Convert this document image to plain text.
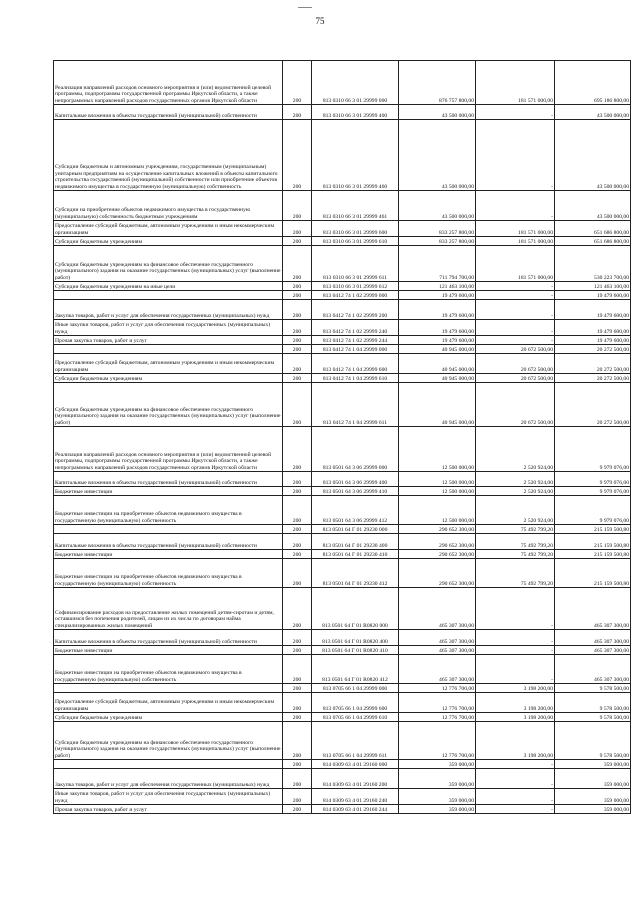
75
Реализация направлений расходов основного мероприятия и (или) ведомственной целевой программы, подпрограммы государственной программы Иркутской области, а также непрограммных направлений расходов государственных органов Иркутской области	200	813 0310 66 3 01 29999 000	876 757 800,00	181 571 000,00	695 186 800,00
Капитальные вложения в объекты государственной (муниципальной) собственности	200	813 0310 66 3 01 29999 400	43 500 000,00	-	43 500 000,00
Субсидии бюджетным и автономным учреждениям, государственным (муниципальным) унитарным предприятиям на осуществление капитальных вложений в объекты капитального строительства государственной (муниципальной) собственности или приобретение объектов недвижимого имущества в государственную (муниципальную) собственность	200	813 0310 66 3 01 29999 460	43 500 000,00	-	43 500 000,00
Субсидии на приобретение объектов недвижимого имущества в государственную (муниципальную) собственность бюджетным учреждениям	200	813 0310 66 3 01 29999 461	43 500 000,00	-	43 500 000,00
Предоставление субсидий бюджетным, автономным учреждениям и иным некоммерческим организациям	200	813 0310 66 3 01 29999 600	833 257 800,00	181 571 000,00	651 686 800,00
Субсидии бюджетным учреждениям	200	813 0310 66 3 01 29999 610	833 257 800,00	181 571 000,00	651 686 800,00
Субсидии бюджетным учреждениям на финансовое обеспечение государственного (муниципального) задания на оказание государственных (муниципальных) услуг (выполнение работ)	200	813 0310 66 3 01 29999 611	711 794 700,00	181 571 000,00	530 223 700,00
Субсидии бюджетным учреждениям на иные цели	200	813 0310 66 3 01 29999 612	121 463 100,00	-	121 463 100,00
	200	813 0412 74 1 02 29999 000	19 479 600,00	-	19 479 600,00
Закупка товаров, работ и услуг для обеспечения государственных (муниципальных) нужд	200	813 0412 74 1 02 29999 200	19 479 600,00	-	19 479 600,00
Иные закупки товаров, работ и услуг для обеспечения государственных (муниципальных) нужд	200	813 0412 74 1 02 29999 240	19 479 600,00	-	19 479 600,00
Прочая закупка товаров, работ и услуг	200	813 0412 74 1 02 29999 244	19 479 600,00	-	19 479 600,00
	200	813 0412 74 1 04 29999 000	40 945 000,00	20 672 500,00	20 272 500,00
Предоставление субсидий бюджетным, автономным учреждениям и иным некоммерческим организациям	200	813 0412 74 1 04 29999 600	40 945 000,00	20 672 500,00	20 272 500,00
Субсидии бюджетным учреждениям	200	813 0412 74 1 04 29999 610	40 945 000,00	20 672 500,00	20 272 500,00
Субсидии бюджетным учреждениям на финансовое обеспечение государственного (муниципального) задания на оказание государственных (муниципальных) услуг (выполнение работ)	200	813 0412 74 1 04 29999 611	40 945 000,00	20 672 500,00	20 272 500,00
Реализация направлений расходов основного мероприятия и (или) ведомственной целевой программы, подпрограммы государственной программы Иркутской области, а также непрограммных направлений расходов государственных органов Иркутской области	200	813 0501 64 3 06 29999 000	12 500 000,00	2 520 924,00	9 979 076,00
Капитальные вложения в объекты государственной (муниципальной) собственности	200	813 0501 64 3 06 29999 400	12 500 000,00	2 520 924,00	9 979 076,00
Бюджетные инвестиции	200	813 0501 64 3 06 29999 410	12 500 000,00	2 520 924,00	9 979 076,00
Бюджетные инвестиции на приобретение объектов недвижимого имущества в государственную (муниципальную) собственность	200	813 0501 64 3 06 29999 412	12 500 000,00	2 520 924,00	9 979 076,00
	200	813 0501 64 Г 01 29230 000	290 652 300,00	75 492 799,20	215 159 500,80
Капитальные вложения в объекты государственной (муниципальной) собственности	200	813 0501 64 Г 01 29230 400	290 652 300,00	75 492 799,20	215 159 500,80
Бюджетные инвестиции	200	813 0501 64 Г 01 29230 410	290 652 300,00	75 492 799,20	215 159 500,80
Бюджетные инвестиции на приобретение объектов недвижимого имущества в государственную (муниципальную) собственность	200	813 0501 64 Г 01 29230 412	290 652 300,00	75 492 799,20	215 159 500,80
Софинансирование расходов на предоставление жилых помещений детям-сиротам и детям, оставшимся без попечения родителей, лицам из их числа по договорам найма специализированных жилых помещений	200	813 0501 64 Г 01 R0820 000	465 307 300,00	-	465 307 300,00
Капитальные вложения в объекты государственной (муниципальной) собственности	200	813 0501 64 Г 01 R0820 400	465 307 300,00	-	465 307 300,00
Бюджетные инвестиции	200	813 0501 64 Г 01 R0820 410	465 307 300,00	-	465 307 300,00
Бюджетные инвестиции на приобретение объектов недвижимого имущества в государственную (муниципальную) собственность	200	813 0501 64 Г 01 R0820 412	465 307 300,00	-	465 307 300,00
	200	813 0705 66 1 04 29999 000	12 776 700,00	3 198 200,00	9 578 500,00
Предоставление субсидий бюджетным, автономным учреждениям и иным некоммерческим организациям	200	813 0705 66 1 04 29999 600	12 776 700,00	3 198 200,00	9 578 500,00
Субсидии бюджетным учреждениям	200	813 0705 66 1 04 29999 610	12 776 700,00	3 198 200,00	9 578 500,00
Субсидии бюджетным учреждениям на финансовое обеспечение государственного (муниципального) задания на оказание государственных (муниципальных) услуг (выполнение работ)	200	813 0705 66 1 04 29999 611	12 776 700,00	3 198 200,00	9 578 500,00
	200	814 0309 63 4 01 29160 000	359 000,00	-	359 000,00
Закупка товаров, работ и услуг для обеспечения государственных (муниципальных) нужд	200	814 0309 63 4 01 29160 200	359 000,00	-	359 000,00
Иные закупки товаров, работ и услуг для обеспечения государственных (муниципальных) нужд	200	814 0309 63 4 01 29160 240	359 000,00	-	359 000,00
Прочая закупка товаров, работ и услуг	200	814 0309 63 4 01 29160 244	359 000,00	-	359 000,00
